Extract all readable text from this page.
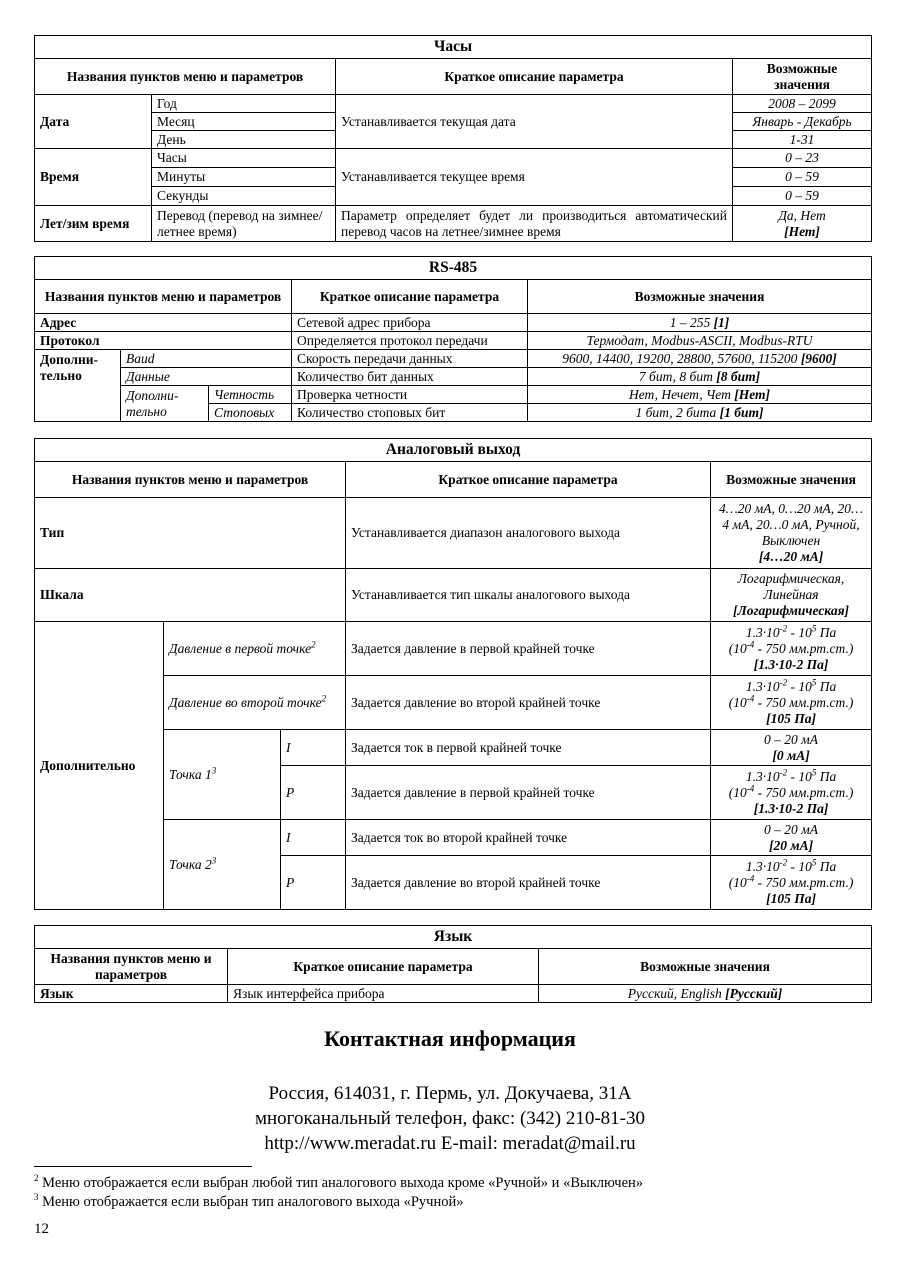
Часы			
Названия пунктов меню и параметров		Краткое описание параметра	Возможные значения
Дата	Год	Устанавливается текущая дата	2008 – 2099
	Месяц		Январь - Декабрь
	День		1-31
Время	Часы	Устанавливается текущее время	0 – 23
	Минуты		0 – 59
	Секунды		0 – 59
Лет/зим время	Перевод (перевод на зимнее/летнее время)	Параметр определяет будет ли производиться автоматический перевод часов на летнее/зимнее время	Да, Нет
[Нет]
RS-485				
Названия пунктов меню и параметров			Краткое описание параметра	Возможные значения
Адрес			Сетевой адрес прибора	1 – 255 [1]
Протокол			Определяется протокол передачи	Термодат, Modbus-ASCII, Modbus-RTU
Дополни-тельно	Baud		Скорость передачи данных	9600, 14400, 19200, 28800, 57600, 115200 [9600]
	Данные		Количество бит данных	7 бит, 8 бит [8 бит]
	Дополни-тельно	Четность	Проверка четности	Нет, Нечет, Чет [Нет]
		Стоповых	Количество стоповых бит	1 бит, 2 бита [1 бит]
Аналоговый выход				
Названия пунктов меню и параметров			Краткое описание параметра	Возможные значения
Тип			Устанавливается диапазон аналогового выхода	4…20 мА, 0…20 мА, 20…4 мА, 20…0 мА, Ручной, Выключен
[4…20 мА]
Шкала			Устанавливается тип шкалы аналогового выхода	Логарифмическая, Линейная
[Логарифмическая]
Дополнительно	Давление в первой точке$^2$		Задается давление в первой крайней точке	$1.3\cdot 10^{-2} - 10^5$ Па
($10^{-4} - 750$ мм.рт.ст.)
[1.3·10-2 Па]
	Давление во второй точке$^2$		Задается давление во второй крайней точке	$1.3\cdot 10^{-2} - 10^5$ Па
($10^{-4} - 750$ мм.рт.ст.)
[105 Па]
	Точка $1^3$	I	Задается ток в первой крайней точке	0 – 20 мА
[0 мА]
		P	Задается давление в первой крайней точке	$1.3\cdot 10^{-2} - 10^5$ Па
($10^{-4} - 750$ мм.рт.ст.)
[1.3·10-2 Па]
	Точка $2^3$	I	Задается ток во второй крайней точке	0 – 20 мА
[20 мА]
		P	Задается давление во второй крайней точке	$1.3\cdot 10^{-2} - 10^5$ Па
($10^{-4} - 750$ мм.рт.ст.)
[105 Па]
Язык		
Названия пунктов меню и параметров	Краткое описание параметра	Возможные значения
Язык	Язык интерфейса прибора	Русский, English [Русский]
Контактная информация
Россия, 614031, г. Пермь, ул. Докучаева, 31А
многоканальный телефон, факс: (342) 210-81-30
http://www.meradat.ru E-mail: meradat@mail.ru
$^2$ Меню отображается если выбран любой тип аналогового выхода кроме «Ручной» и «Выключен»
$^3$ Меню отображается если выбран тип аналогового выхода «Ручной»
12
